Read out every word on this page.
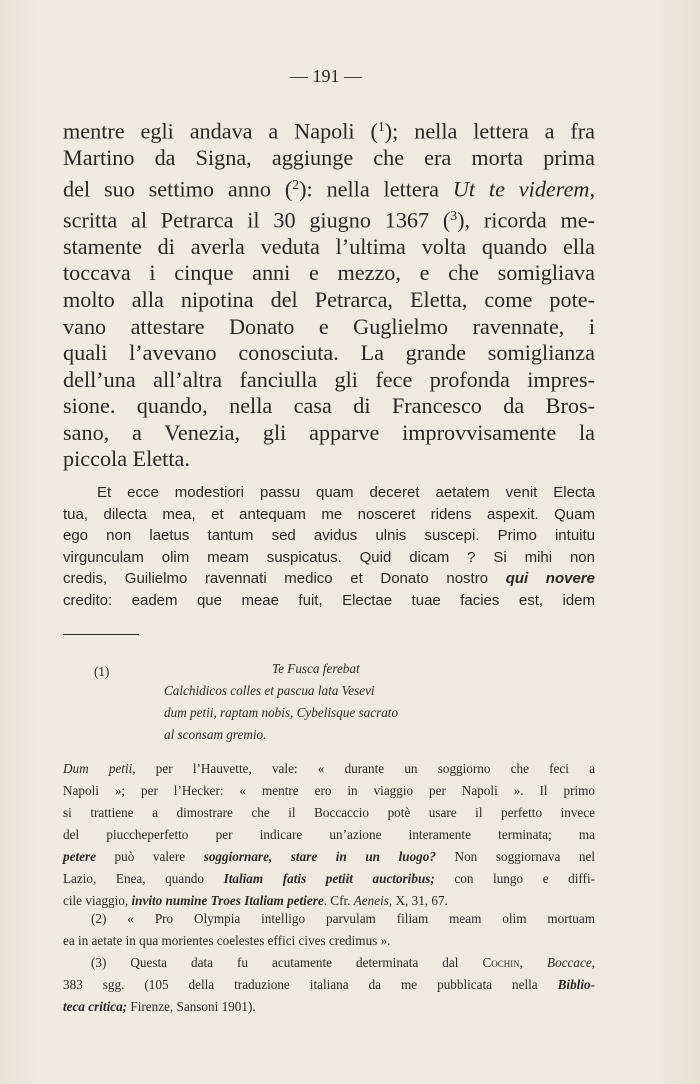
— 191 —
mentre egli andava a Napoli ($^1$); nella lettera a fra
Martino da Signa, aggiunge che era morta prima
del suo settimo anno ($^2$): nella lettera Ut te viderem,
scritta al Petrarca il 30 giugno 1367 ($^3$), ricorda me-
stamente di averla veduta l’ultima volta quando ella
toccava i cinque anni e mezzo, e che somigliava
molto alla nipotina del Petrarca, Eletta, come pote-
vano attestare Donato e Guglielmo ravennate, i
quali l’avevano conosciuta. La grande somiglianza
dell’una all’altra fanciulla gli fece profonda impres-
sione. quando, nella casa di Francesco da Bros-
sano, a Venezia, gli apparve improvvisamente la
piccola Eletta.
Et ecce modestiori passu quam deceret aetatem venit Electa
tua, dilecta mea, et antequam me nosceret ridens aspexit. Quam
ego non laetus tantum sed avidus ulnis suscepi. Primo intuitu
virgunculam olim meam suspicatus. Quid dicam ? Si mihi non
credis, Guilielmo ravennati medico et Donato nostro qui novere
credito: eadem que meae fuit, Electae tuae facies est, idem
(1)	Te Fusca ferebat
Calchidicos colles et pascua lata Vesevi
dum petii, raptam nobis, Cybelisque sacrato
al sconsam gremio.
Dum petii, per l’Hauvette, vale: « durante un soggiorno che feci a
Napoli »; per l’Hecker: « mentre ero in viaggio per Napoli ». Il primo
si trattiene a dimostrare che il Boccaccio potè usare il perfetto invece
del piuccheperfetto per indicare un’azione interamente terminata; ma
petere può valere soggiornare, stare in un luogo? Non soggiornava nel
Lazio, Enea, quando Italiam fatis petiit auctoribus; con lungo e diffi-
cile viaggio, invito numine Troes Italiam petiere. Cfr. Aeneis, X, 31, 67.
(2) « Pro Olympia intelligo parvulam filiam meam olim mortuam
ea in aetate in qua morientes coelestes effici cives credimus ».
(3) Questa data fu acutamente determinata dal Cochin, Boccace,
383 sgg. (105 della traduzione italiana da me pubblicata nella Biblio-
teca critica; Firenze, Sansoni 1901).
